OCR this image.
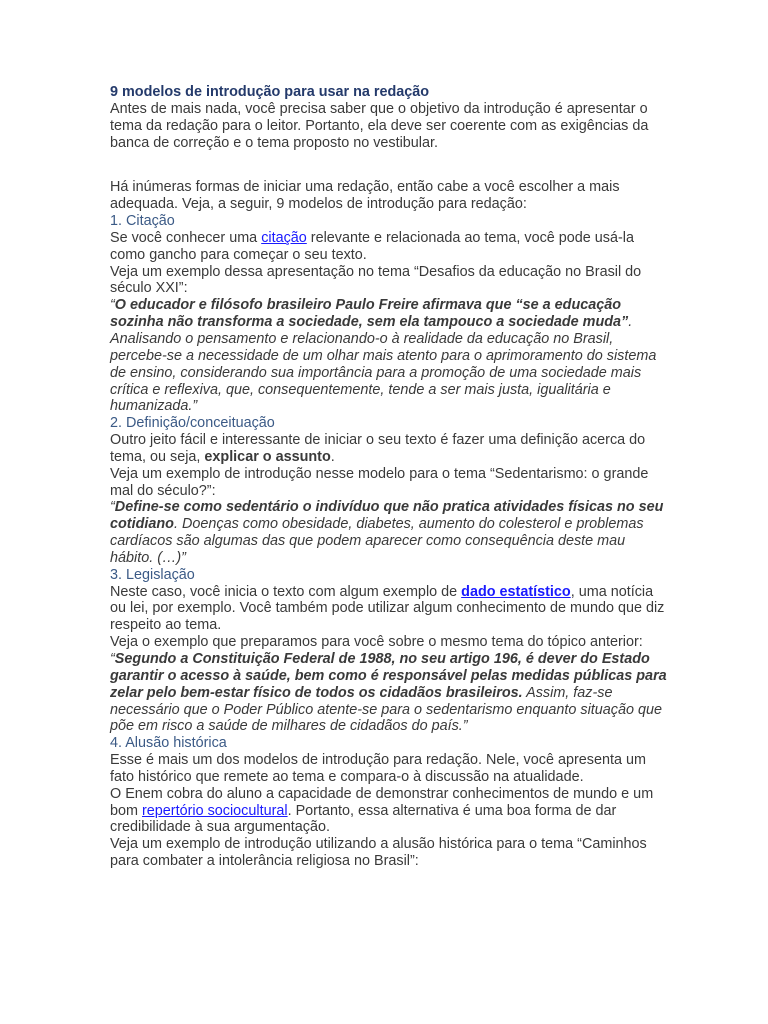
9 modelos de introdução para usar na redação

Antes de mais nada, você precisa saber que o objetivo da introdução é apresentar o tema da redação para o leitor. Portanto, ela deve ser coerente com as exigências da banca de correção e o tema proposto no vestibular.

Há inúmeras formas de iniciar uma redação, então cabe a você escolher a mais adequada. Veja, a seguir, 9 modelos de introdução para redação:

1. Citação

Se você conhecer uma citação relevante e relacionada ao tema, você pode usá-la como gancho para começar o seu texto.

Veja um exemplo dessa apresentação no tema “Desafios da educação no Brasil do século XXI”:

“O educador e filósofo brasileiro Paulo Freire afirmava que “se a educação sozinha não transforma a sociedade, sem ela tampouco a sociedade muda”. Analisando o pensamento e relacionando-o à realidade da educação no Brasil, percebe-se a necessidade de um olhar mais atento para o aprimoramento do sistema de ensino, considerando sua importância para a promoção de uma sociedade mais crítica e reflexiva, que, consequentemente, tende a ser mais justa, igualitária e humanizada.”

2. Definição/conceituação

Outro jeito fácil e interessante de iniciar o seu texto é fazer uma definição acerca do tema, ou seja, explicar o assunto.

Veja um exemplo de introdução nesse modelo para o tema “Sedentarismo: o grande mal do século?”:

“Define-se como sedentário o indivíduo que não pratica atividades físicas no seu cotidiano. Doenças como obesidade, diabetes, aumento do colesterol e problemas cardíacos são algumas das que podem aparecer como consequência deste mau hábito. (…)”

3. Legislação

Neste caso, você inicia o texto com algum exemplo de dado estatístico, uma notícia ou lei, por exemplo. Você também pode utilizar algum conhecimento de mundo que diz respeito ao tema.

Veja o exemplo que preparamos para você sobre o mesmo tema do tópico anterior:

“Segundo a Constituição Federal de 1988, no seu artigo 196, é dever do Estado garantir o acesso à saúde, bem como é responsável pelas medidas públicas para zelar pelo bem-estar físico de todos os cidadãos brasileiros. Assim, faz-se necessário que o Poder Público atente-se para o sedentarismo enquanto situação que põe em risco a saúde de milhares de cidadãos do país.”

4. Alusão histórica

Esse é mais um dos modelos de introdução para redação. Nele, você apresenta um fato histórico que remete ao tema e compara-o à discussão na atualidade.

O Enem cobra do aluno a capacidade de demonstrar conhecimentos de mundo e um bom repertório sociocultural. Portanto, essa alternativa é uma boa forma de dar credibilidade à sua argumentação.

Veja um exemplo de introdução utilizando a alusão histórica para o tema “Caminhos para combater a intolerância religiosa no Brasil”:
